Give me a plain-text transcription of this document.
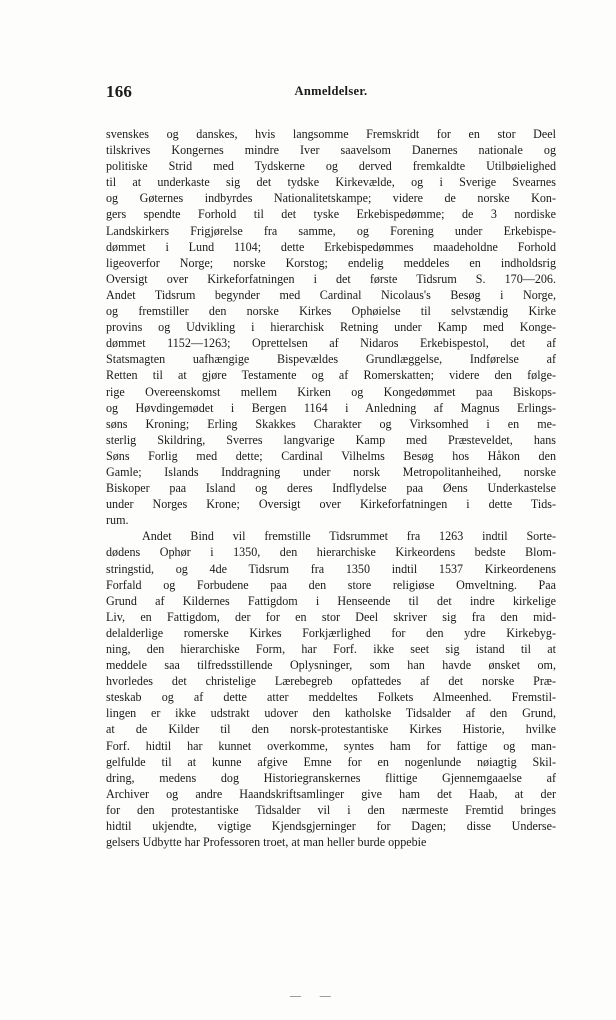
166	Anmeldelser.
svenskes og danskes, hvis langsomme Fremskridt for en stor Deel
tilskrives Kongernes mindre Iver saavelsom Danernes nationale og
politiske Strid med Tydskerne og derved fremkaldte Utilbøielighed
til at underkaste sig det tydske Kirkevælde, og i Sverige Svearnes
og Gøternes indbyrdes Nationalitetskampe; videre de norske Kon-
gers spendte Forhold til det tyske Erkebispedømme; de 3 nordiske
Landskirkers Frigjørelse fra samme, og Forening under Erkebispe-
dømmet i Lund 1104; dette Erkebispedømmes maadeholdne Forhold
ligeoverfor Norge; norske Korstog; endelig meddeles en indholdsrig
Oversigt over Kirkeforfatningen i det første Tidsrum S. 170—206.
Andet Tidsrum begynder med Cardinal Nicolaus's Besøg i Norge,
og fremstiller den norske Kirkes Ophøielse til selvstændig Kirke
provins og Udvikling i hierarchisk Retning under Kamp med Konge-
dømmet 1152—1263; Oprettelsen af Nidaros Erkebispestol, det af
Statsmagten uafhængige Bispevældes Grundlæggelse, Indførelse af
Retten til at gjøre Testamente og af Romerskatten; videre den følge-
rige Overeenskomst mellem Kirken og Kongedømmet paa Biskops-
og Høvdingemødet i Bergen 1164 i Anledning af Magnus Erlings-
søns Kroning; Erling Skakkes Charakter og Virksomhed i en me-
sterlig Skildring, Sverres langvarige Kamp med Præsteveldet, hans
Søns Forlig med dette; Cardinal Vilhelms Besøg hos Håkon den
Gamle; Islands Inddragning under norsk Metropolitanheihed, norske
Biskoper paa Island og deres Indflydelse paa Øens Underkastelse
under Norges Krone; Oversigt over Kirkeforfatningen i dette Tids-
rum.
Andet Bind vil fremstille Tidsrummet fra 1263 indtil Sorte-
dødens Ophør i 1350, den hierarchiske Kirkeordens bedste Blom-
stringstid, og 4de Tidsrum fra 1350 indtil 1537 Kirkeordenens
Forfald og Forbudene paa den store religiøse Omveltning. Paa
Grund af Kildernes Fattigdom i Henseende til det indre kirkelige
Liv, en Fattigdom, der for en stor Deel skriver sig fra den mid-
delalderlige romerske Kirkes Forkjærlighed for den ydre Kirkebyg-
ning, den hierarchiske Form, har Forf. ikke seet sig istand til at
meddele saa tilfredsstillende Oplysninger, som han havde ønsket om,
hvorledes det christelige Lærebegreb opfattedes af det norske Præ-
steskab og af dette atter meddeltes Folkets Almeenhed. Fremstil-
lingen er ikke udstrakt udover den katholske Tidsalder af den Grund,
at de Kilder til den norsk-protestantiske Kirkes Historie, hvilke
Forf. hidtil har kunnet overkomme, syntes ham for fattige og man-
gelfulde til at kunne afgive Emne for en nogenlunde nøiagtig Skil-
dring, medens dog Historiegranskernes flittige Gjennemgaaelse af
Archiver og andre Haandskriftsamlinger give ham det Haab, at der
for den protestantiske Tidsalder vil i den nærmeste Fremtid bringes
hidtil ukjendte, vigtige Kjendsgjerninger for Dagen; disse Underse-
gelsers Udbytte har Professoren troet, at man heller burde oppebie
— —
